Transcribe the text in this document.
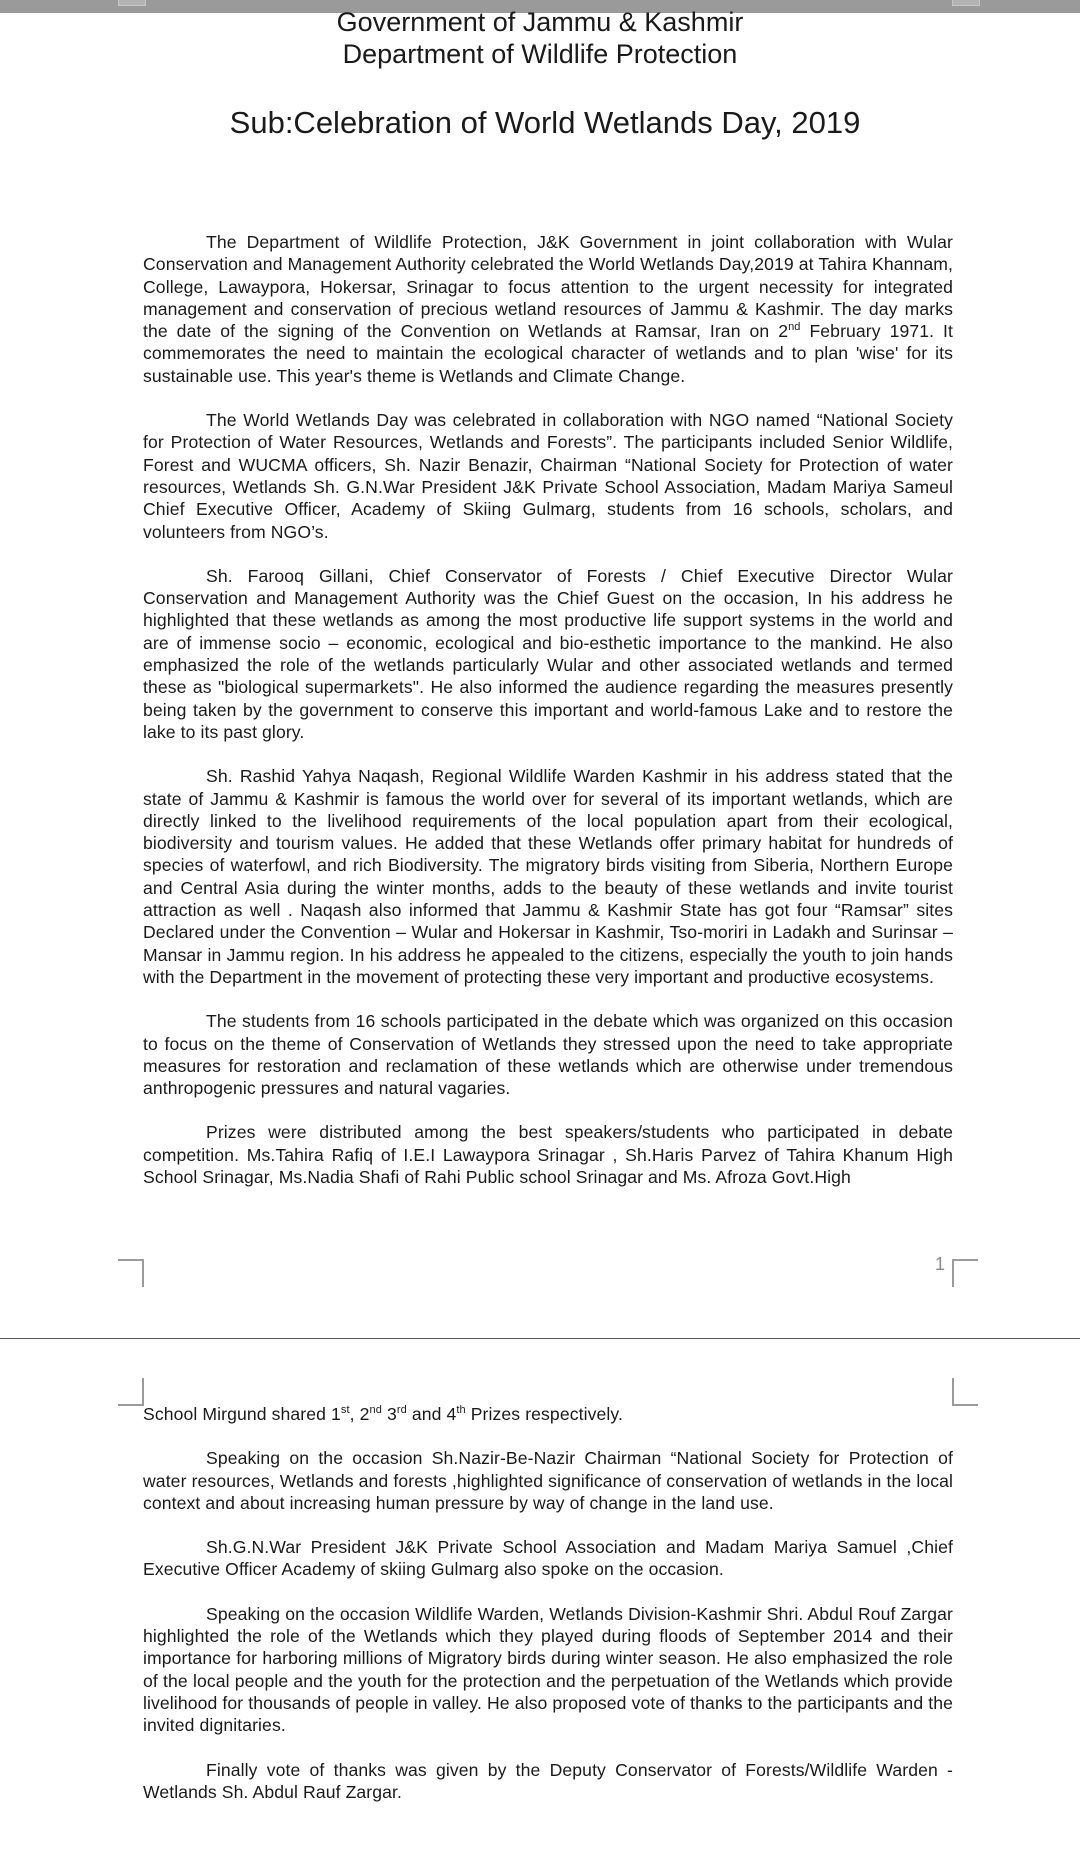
Government of Jammu & Kashmir
Department of Wildlife Protection
Sub:Celebration of World Wetlands Day, 2019

The Department of Wildlife Protection, J&K Government in joint collaboration with Wular Conservation and Management Authority celebrated the World Wetlands Day,2019 at Tahira Khannam, College, Lawaypora, Hokersar, Srinagar to focus attention to the urgent necessity for integrated management and conservation of precious wetland resources of Jammu & Kashmir. The day marks the date of the signing of the Convention on Wetlands at Ramsar, Iran on 2nd February 1971. It commemorates the need to maintain the ecological character of wetlands and to plan 'wise' for its sustainable use. This year's theme is Wetlands and Climate Change.

The World Wetlands Day was celebrated in collaboration with NGO named “National Society for Protection of Water Resources, Wetlands and Forests”. The participants included Senior Wildlife, Forest and WUCMA officers, Sh. Nazir Benazir, Chairman “National Society for Protection of water resources, Wetlands Sh. G.N.War President J&K Private School Association, Madam Mariya Sameul Chief Executive Officer, Academy of Skiing Gulmarg, students from 16 schools, scholars, and volunteers from NGO’s.

Sh. Farooq Gillani, Chief Conservator of Forests / Chief Executive Director Wular Conservation and Management Authority was the Chief Guest on the occasion, In his address he highlighted that these wetlands as among the most productive life support systems in the world and are of immense socio – economic, ecological and bio-esthetic importance to the mankind. He also emphasized the role of the wetlands particularly Wular and other associated wetlands and termed these as "biological supermarkets". He also informed the audience regarding the measures presently being taken by the government to conserve this important and world-famous Lake and to restore the lake to its past glory.

Sh. Rashid Yahya Naqash, Regional Wildlife Warden Kashmir in his address stated that the state of Jammu & Kashmir is famous the world over for several of its important wetlands, which are directly linked to the livelihood requirements of the local population apart from their ecological, biodiversity and tourism values. He added that these Wetlands offer primary habitat for hundreds of species of waterfowl, and rich Biodiversity. The migratory birds visiting from Siberia, Northern Europe and Central Asia during the winter months, adds to the beauty of these wetlands and invite tourist attraction as well . Naqash also informed that Jammu & Kashmir State has got four “Ramsar” sites Declared under the Convention – Wular and Hokersar in Kashmir, Tso-moriri in Ladakh and Surinsar – Mansar in Jammu region. In his address he appealed to the citizens, especially the youth to join hands with the Department in the movement of protecting these very important and productive ecosystems.

The students from 16 schools participated in the debate which was organized on this occasion to focus on the theme of Conservation of Wetlands they stressed upon the need to take appropriate measures for restoration and reclamation of these wetlands which are otherwise under tremendous anthropogenic pressures and natural vagaries.

Prizes were distributed among the best speakers/students who participated in debate competition. Ms.Tahira Rafiq of I.E.I Lawaypora Srinagar , Sh.Haris Parvez of Tahira Khanum High School Srinagar, Ms.Nadia Shafi of Rahi Public school Srinagar and Ms. Afroza Govt.High

1

School Mirgund shared 1st, 2nd 3rd and 4th Prizes respectively.

Speaking on the occasion Sh.Nazir-Be-Nazir Chairman “National Society for Protection of water resources, Wetlands and forests ,highlighted significance of conservation of wetlands in the local context and about increasing human pressure by way of change in the land use.

Sh.G.N.War President J&K Private School Association and Madam Mariya Samuel ,Chief Executive Officer Academy of skiing Gulmarg also spoke on the occasion.

Speaking on the occasion Wildlife Warden, Wetlands Division-Kashmir Shri. Abdul Rouf Zargar highlighted the role of the Wetlands which they played during floods of September 2014 and their importance for harboring millions of Migratory birds during winter season. He also emphasized the role of the local people and the youth for the protection and the perpetuation of the Wetlands which provide livelihood for thousands of people in valley. He also proposed vote of thanks to the participants and the invited dignitaries.

Finally vote of thanks was given by the Deputy Conservator of Forests/Wildlife Warden -Wetlands Sh. Abdul Rauf Zargar.
